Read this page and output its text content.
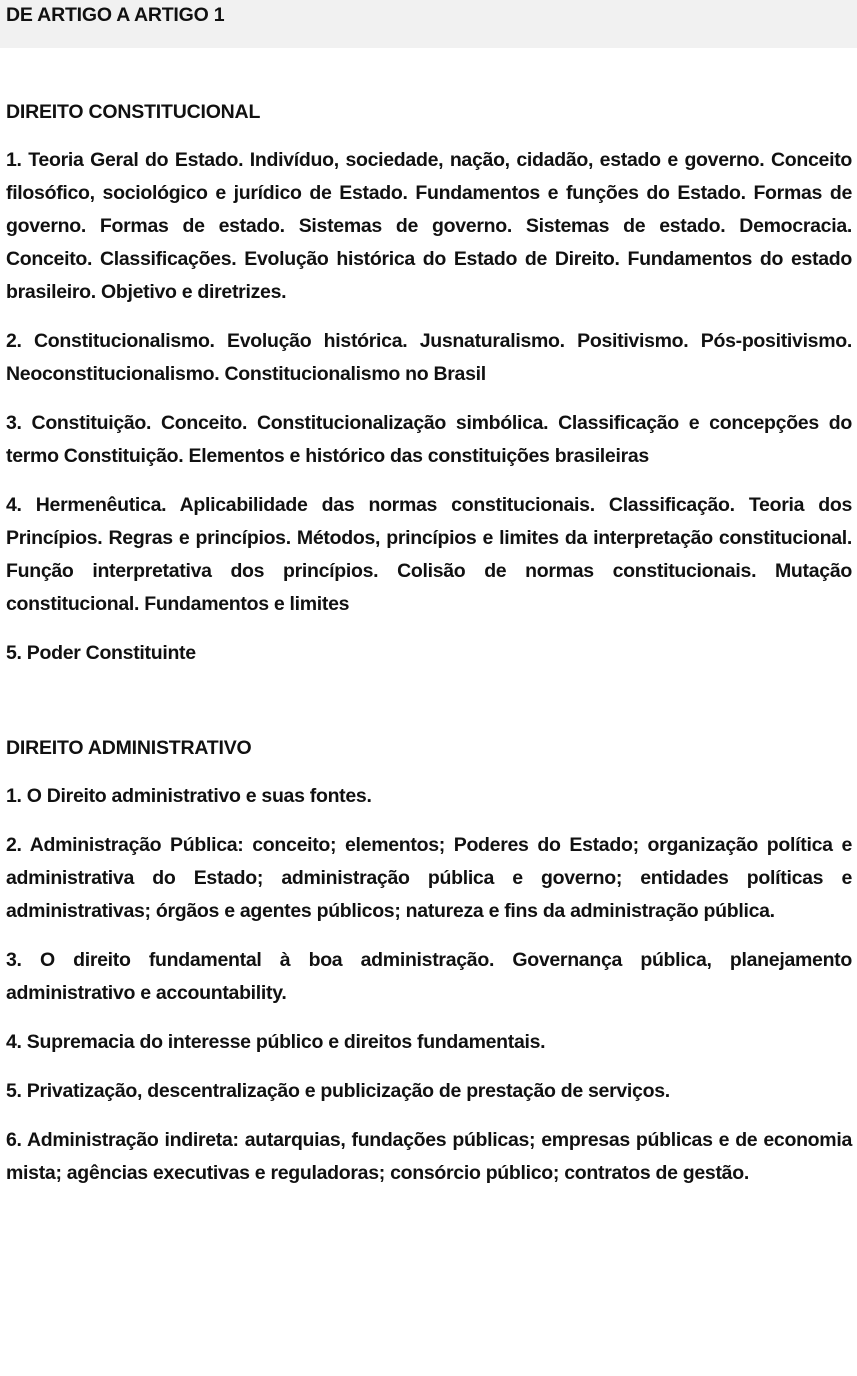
DE ARTIGO A ARTIGO 1
DIREITO CONSTITUCIONAL

1. Teoria Geral do Estado. Indivíduo, sociedade, nação, cidadão, estado e governo. Conceito filosófico, sociológico e jurídico de Estado. Fundamentos e funções do Estado. Formas de governo. Formas de estado. Sistemas de governo. Sistemas de estado. Democracia. Conceito. Classificações. Evolução histórica do Estado de Direito. Fundamentos do estado brasileiro. Objetivo e diretrizes.

2. Constitucionalismo. Evolução histórica. Jusnaturalismo. Positivismo. Pós-positivismo. Neoconstitucionalismo. Constitucionalismo no Brasil

3. Constituição. Conceito. Constitucionalização simbólica. Classificação e concepções do termo Constituição. Elementos e histórico das constituições brasileiras

4. Hermenêutica. Aplicabilidade das normas constitucionais. Classificação. Teoria dos Princípios. Regras e princípios. Métodos, princípios e limites da interpretação constitucional. Função interpretativa dos princípios. Colisão de normas constitucionais. Mutação constitucional. Fundamentos e limites

5. Poder Constituinte

DIREITO ADMINISTRATIVO

1. O Direito administrativo e suas fontes.

2. Administração Pública: conceito; elementos; Poderes do Estado; organização política e administrativa do Estado; administração pública e governo; entidades políticas e administrativas; órgãos e agentes públicos; natureza e fins da administração pública.

3. O direito fundamental à boa administração. Governança pública, planejamento administrativo e accountability.

4. Supremacia do interesse público e direitos fundamentais.

5. Privatização, descentralização e publicização de prestação de serviços.

6. Administração indireta: autarquias, fundações públicas; empresas públicas e de economia mista; agências executivas e reguladoras; consórcio público; contratos de gestão.
